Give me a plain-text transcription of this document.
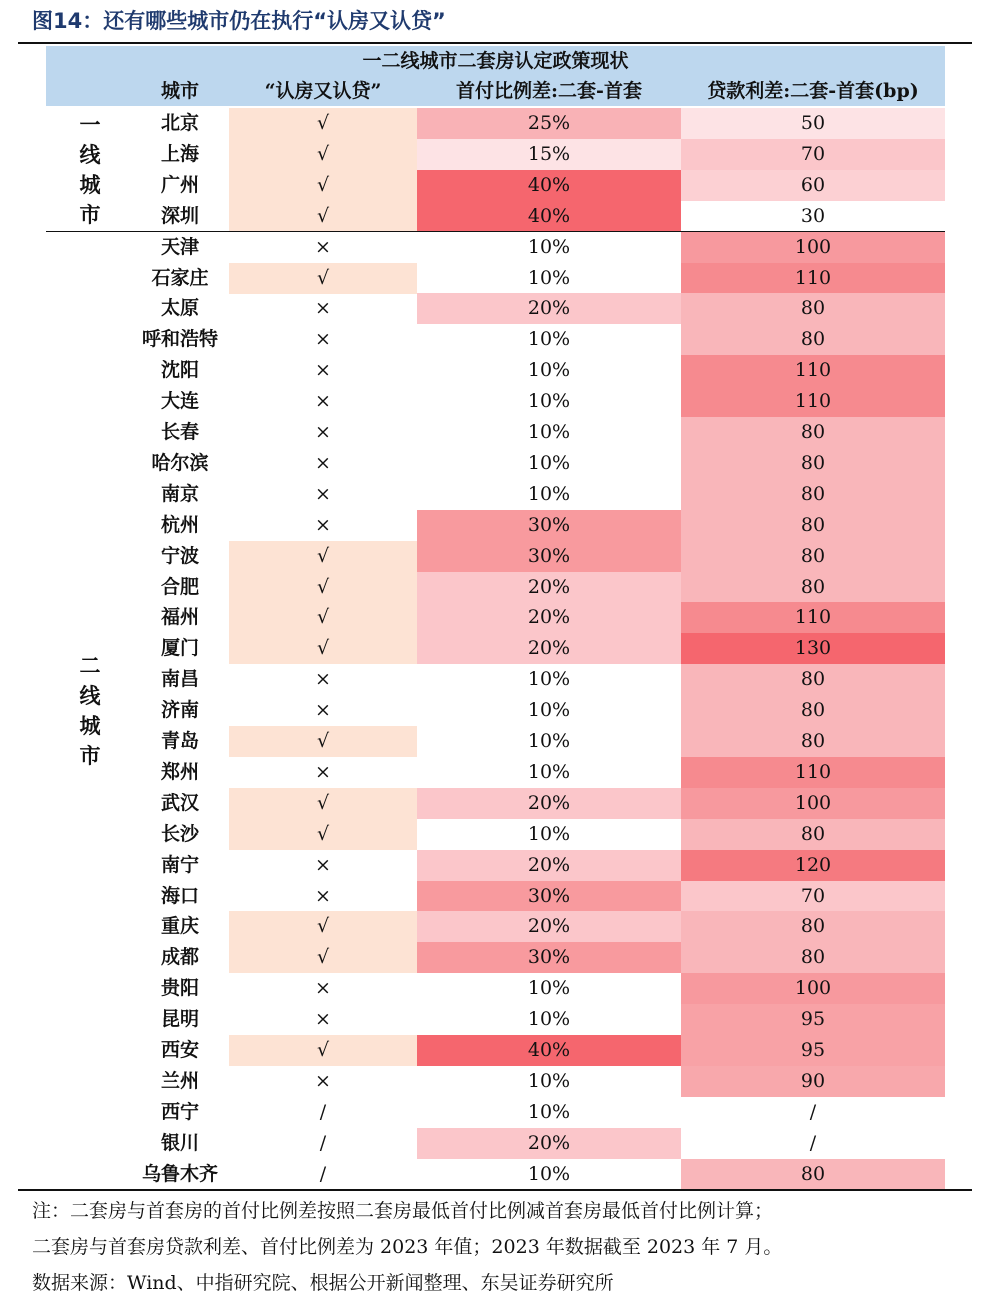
图14：还有哪些城市仍在执行“认房又认贷”
一二线城市二套房认定政策现状
城市	“认房又认贷”	首付比例差:二套-首套	贷款利差:二套-首套(bp)
北京	√	25%	50
上海	√	15%	70
广州	√	40%	60
深圳	√	40%	30
一
线
城
市
天津	×	10%	100
石家庄	√	10%	110
太原	×	20%	80
呼和浩特	×	10%	80
沈阳	×	10%	110
大连	×	10%	110
长春	×	10%	80
哈尔滨	×	10%	80
南京	×	10%	80
杭州	×	30%	80
宁波	√	30%	80
合肥	√	20%	80
福州	√	20%	110
厦门	√	20%	130
南昌	×	10%	80
济南	×	10%	80
青岛	√	10%	80
郑州	×	10%	110
武汉	√	20%	100
长沙	√	10%	80
南宁	×	20%	120
海口	×	30%	70
重庆	√	20%	80
成都	√	30%	80
贵阳	×	10%	100
昆明	×	10%	95
西安	√	40%	95
兰州	×	10%	90
西宁	/	10%	/
银川	/	20%	/
乌鲁木齐	/	10%	80
二
线
城
市
注：二套房与首套房的首付比例差按照二套房最低首付比例减首套房最低首付比例计算；
二套房与首套房贷款利差、首付比例差为 2023 年值；2023 年数据截至 2023 年 7 月。
数据来源：Wind、中指研究院、根据公开新闻整理、东吴证券研究所
